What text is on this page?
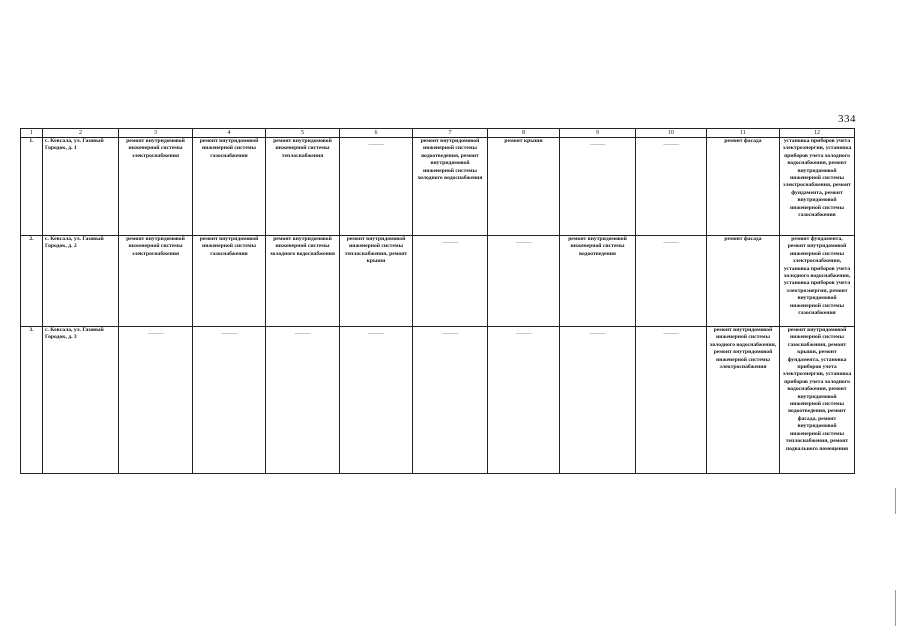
334
1	2	3	4	5	6	7	8	9	10	11	12
1.	с. Кевсала, ул. Газовый Городок, д. 1	ремонт внутридомовой инженерной системы электроснабжения	ремонт внутридомовой инженерной системы газоснабжения	ремонт внутридомовой инженерной системы теплоснабжения	———	ремонт внутридомовой инженерной системы водоотведения, ремонт внутридомовой инженерной системы холодного водоснабжения	ремонт крыши	———	———	ремонт фасада	установка приборов учета электроэнергии, установка приборов учета холодного водоснабжения, ремонт внутридомовой инженерной системы электроснабжения, ремонт фундамента, ремонт внутридомовой инженерной системы газоснабжения
2.	с. Кевсала, ул. Газовый Городок, д. 2	ремонт внутридомовой инженерной системы электроснабжения	ремонт внутридомовой инженерной системы газоснабжения	ремонт внутридомовой инженерной системы холодного водоснабжения	ремонт внутридомовой инженерной системы теплоснабжения, ремонт крыши	———	———	ремонт внутридомовой инженерной системы водоотведения	———	ремонт фасада	ремонт фундамента, ремонт внутридомовой инженерной системы электроснабжения, установка приборов учета холодного водоснабжения, установка приборов учета электроэнергии, ремонт внутридомовой инженерной системы газоснабжения
3.	с. Кевсала, ул. Газовый Городок, д. 3	———	———	———	———	———	———	———	———	ремонт внутридомовой инженерной системы холодного водоснабжения, ремонт внутридомовой инженерной системы электроснабжения	ремонт внутридомовой инженерной системы газоснабжения, ремонт крыши, ремонт фундамента, установка приборов учета электроэнергии, установка приборов учета холодного водоснабжения, ремонт внутридомовой инженерной системы водоотведения, ремонт фасада, ремонт внутридомовой инженерной системы теплоснабжения, ремонт подвального помещения
